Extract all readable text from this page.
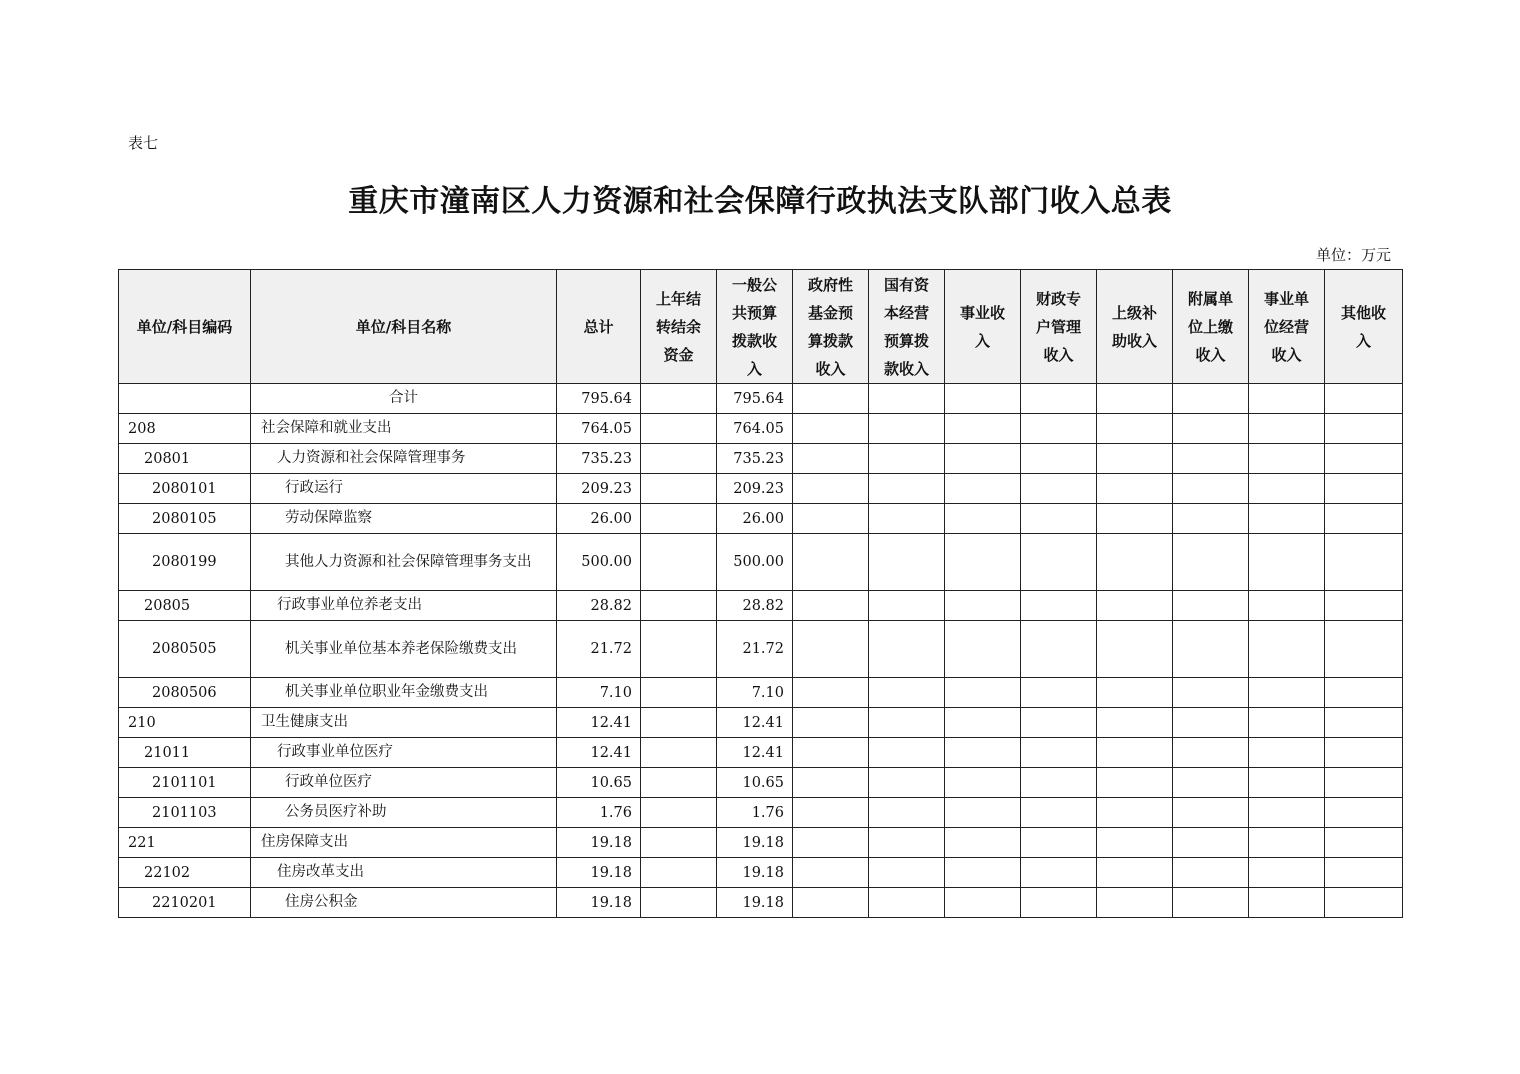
表七
重庆市潼南区人力资源和社会保障行政执法支队部门收入总表
单位：万元
单位/科目编码	单位/科目名称	总计	上年结转结余资金	一般公共预算拨款收入	政府性基金预算拨款收入	国有资本经营预算拨款收入	事业收入	财政专户管理收入	上级补助收入	附属单位上缴收入	事业单位经营收入	其他收入

	合计	795.64		795.64								
208	社会保障和就业支出	764.05		764.05								
20801	人力资源和社会保障管理事务	735.23		735.23								
2080101	行政运行	209.23		209.23								
2080105	劳动保障监察	26.00		26.00								
2080199	其他人力资源和社会保障管理事务支出	500.00		500.00								
20805	行政事业单位养老支出	28.82		28.82								
2080505	机关事业单位基本养老保险缴费支出	21.72		21.72								
2080506	机关事业单位职业年金缴费支出	7.10		7.10								
210	卫生健康支出	12.41		12.41								
21011	行政事业单位医疗	12.41		12.41								
2101101	行政单位医疗	10.65		10.65								
2101103	公务员医疗补助	1.76		1.76								
221	住房保障支出	19.18		19.18								
22102	住房改革支出	19.18		19.18								
2210201	住房公积金	19.18		19.18								
